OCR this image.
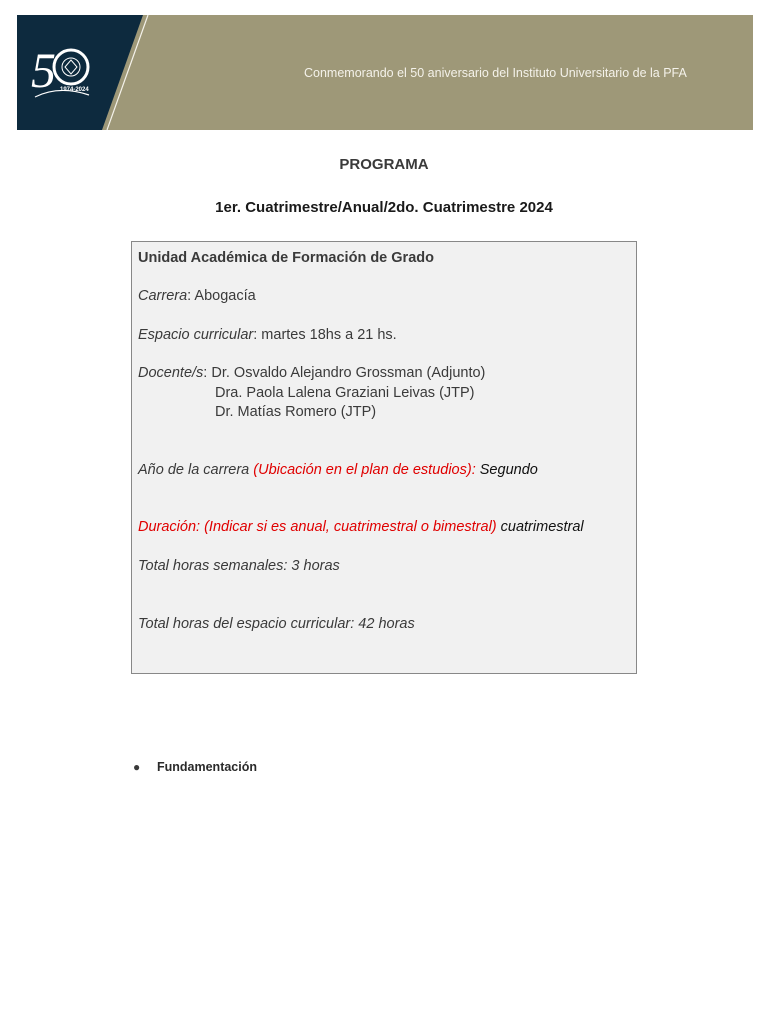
5 1974-2024
Conmemorando el 50 aniversario del Instituto Universitario de la PFA
PROGRAMA
1er. Cuatrimestre/Anual/2do. Cuatrimestre 2024
Unidad Académica de Formación de Grado
Carrera: Abogacía
Espacio curricular: martes 18hs a 21 hs.
Docente/s: Dr. Osvaldo Alejandro Grossman (Adjunto)
Dra. Paola Lalena Graziani Leivas (JTP)
Dr. Matías Romero (JTP)
Año de la carrera (Ubicación en el plan de estudios): Segundo
Duración: (Indicar si es anual, cuatrimestral o bimestral) cuatrimestral
Total horas semanales: 3 horas
Total horas del espacio curricular: 42 horas
● Fundamentación
